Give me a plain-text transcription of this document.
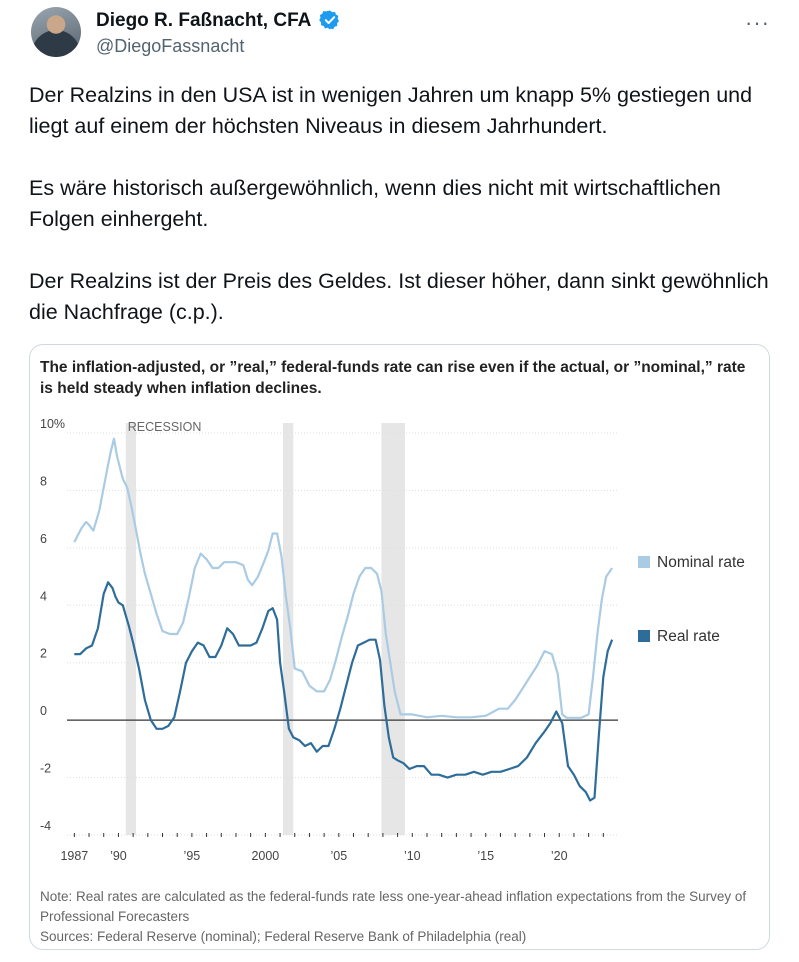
Diego R. Faßnacht, CFA
@DiegoFassnacht
···

Der Realzins in den USA ist in wenigen Jahren um knapp 5% gestiegen und liegt auf einem der höchsten Niveaus in diesem Jahrhundert.

Es wäre historisch außergewöhnlich, wenn dies nicht mit wirtschaftlichen Folgen einhergeht.

Der Realzins ist der Preis des Geldes. Ist dieser höher, dann sinkt gewöhnlich die Nachfrage (c.p.).

RECESSION
10%
8
6
4
2
0
-2
-4
1987 ’90	’95	2000	’05	’10	’15	’20
Nominal rate
Real rate
The inflation-adjusted, or ”real,” federal-funds rate can rise even if the actual, or ”nominal,” rate is held steady when inflation declines.
Note: Real rates are calculated as the federal-funds rate less one-year-ahead inflation expectations from the Survey of Professional Forecasters
Sources: Federal Reserve (nominal); Federal Reserve Bank of Philadelphia (real)
